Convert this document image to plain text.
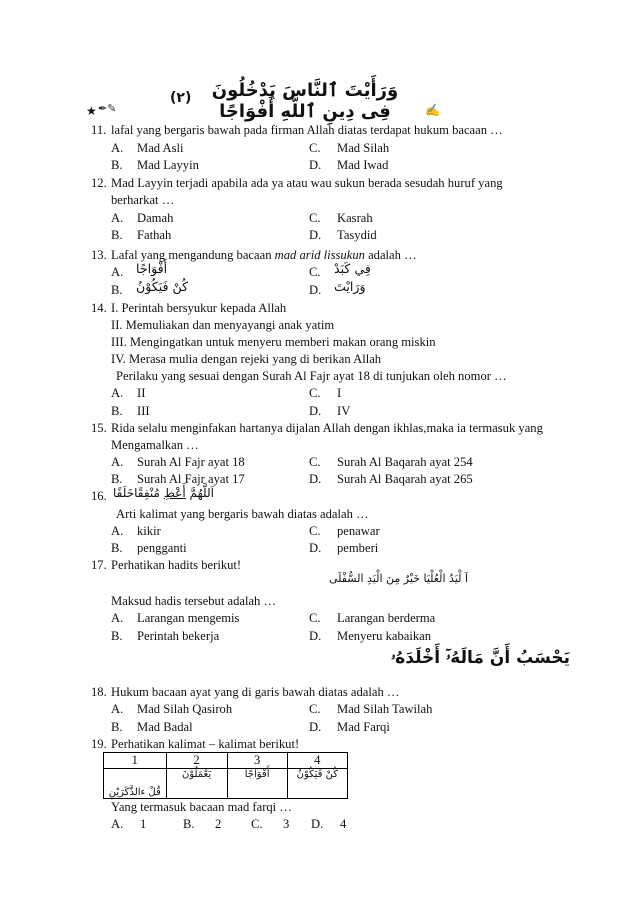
★ ✒✎	✍
(٢)	وَرَأَيْتَ ٱلنَّاسَ يَدْخُلُونَ فِى دِينِ ٱللَّهِ أَفْوَاجًا
11. lafal yang bergaris bawah pada firman Allah diatas terdapat hukum bacaan …
A. Mad Asli	C. Mad Silah
B. Mad Layyin	D. Mad Iwad
12. Mad Layyin terjadi apabila ada ya atau wau sukun berada sesudah huruf yang
berharkat …
A. Damah	C. Kasrah
B. Fathah	D. Tasydid
13. Lafal yang mengandung bacaan mad arid lissukun adalah …
A. أَفْوَاجًا	C. فِي كَبَدْ
B. كُنْ فَيَكُوْنُ	D. وَرَايْتَ
14. I. Perintah bersyukur kepada Allah
II. Memuliakan dan menyayangi anak yatim
III. Mengingatkan untuk menyeru memberi makan orang miskin
IV. Merasa mulia dengan rejeki yang di berikan Allah
Perilaku yang sesuai dengan Surah Al Fajr ayat 18 di tunjukan oleh nomor …
A. II	C. I
B. III	D. IV
15. Rida selalu menginfakan hartanya dijalan Allah dengan ikhlas,maka ia termasuk yang
Mengamalkan …
A. Surah Al Fajr ayat 18	C. Surah Al Baqarah ayat 254
B. Surah Al Fajr ayat 17	D. Surah Al Baqarah ayat 265
16.	اَللَّهُمَّ أَعْطِ مُنْفِقًاخَلَفًا
Arti kalimat yang bergaris bawah diatas adalah …
A. kikir	C. penawar
B. pengganti	D. pemberi
17. Perhatikan hadits berikut!
اَ لْيَدُ الْعُلْيَا خَيْرٌ مِنَ الْيَدِ السُّفْلَى
Maksud hadis tersebut adalah …
A. Larangan mengemis	C. Larangan berderma
B. Perintah bekerja	D. Menyeru kabaikan
يَحْسَبُ أَنَّ مَالَهُۥٓ أَخْلَدَهُۥ
18. Hukum bacaan ayat yang di garis bawah diatas adalah …
A. Mad Silah Qasiroh	C. Mad Silah Tawilah
B. Mad Badal	D. Mad Farqi
19. Perhatikan kalimat – kalimat berikut!
1	2	3	4
قُلْ ءالذَّكَرَيْنِ	يَعْمَلُوْنَ	أَفْوَاجًا	كُنْ فَيَكُوْنُ
Yang termasuk bacaan mad farqi …
A. 1	B. 2 C. 3 D. 4
